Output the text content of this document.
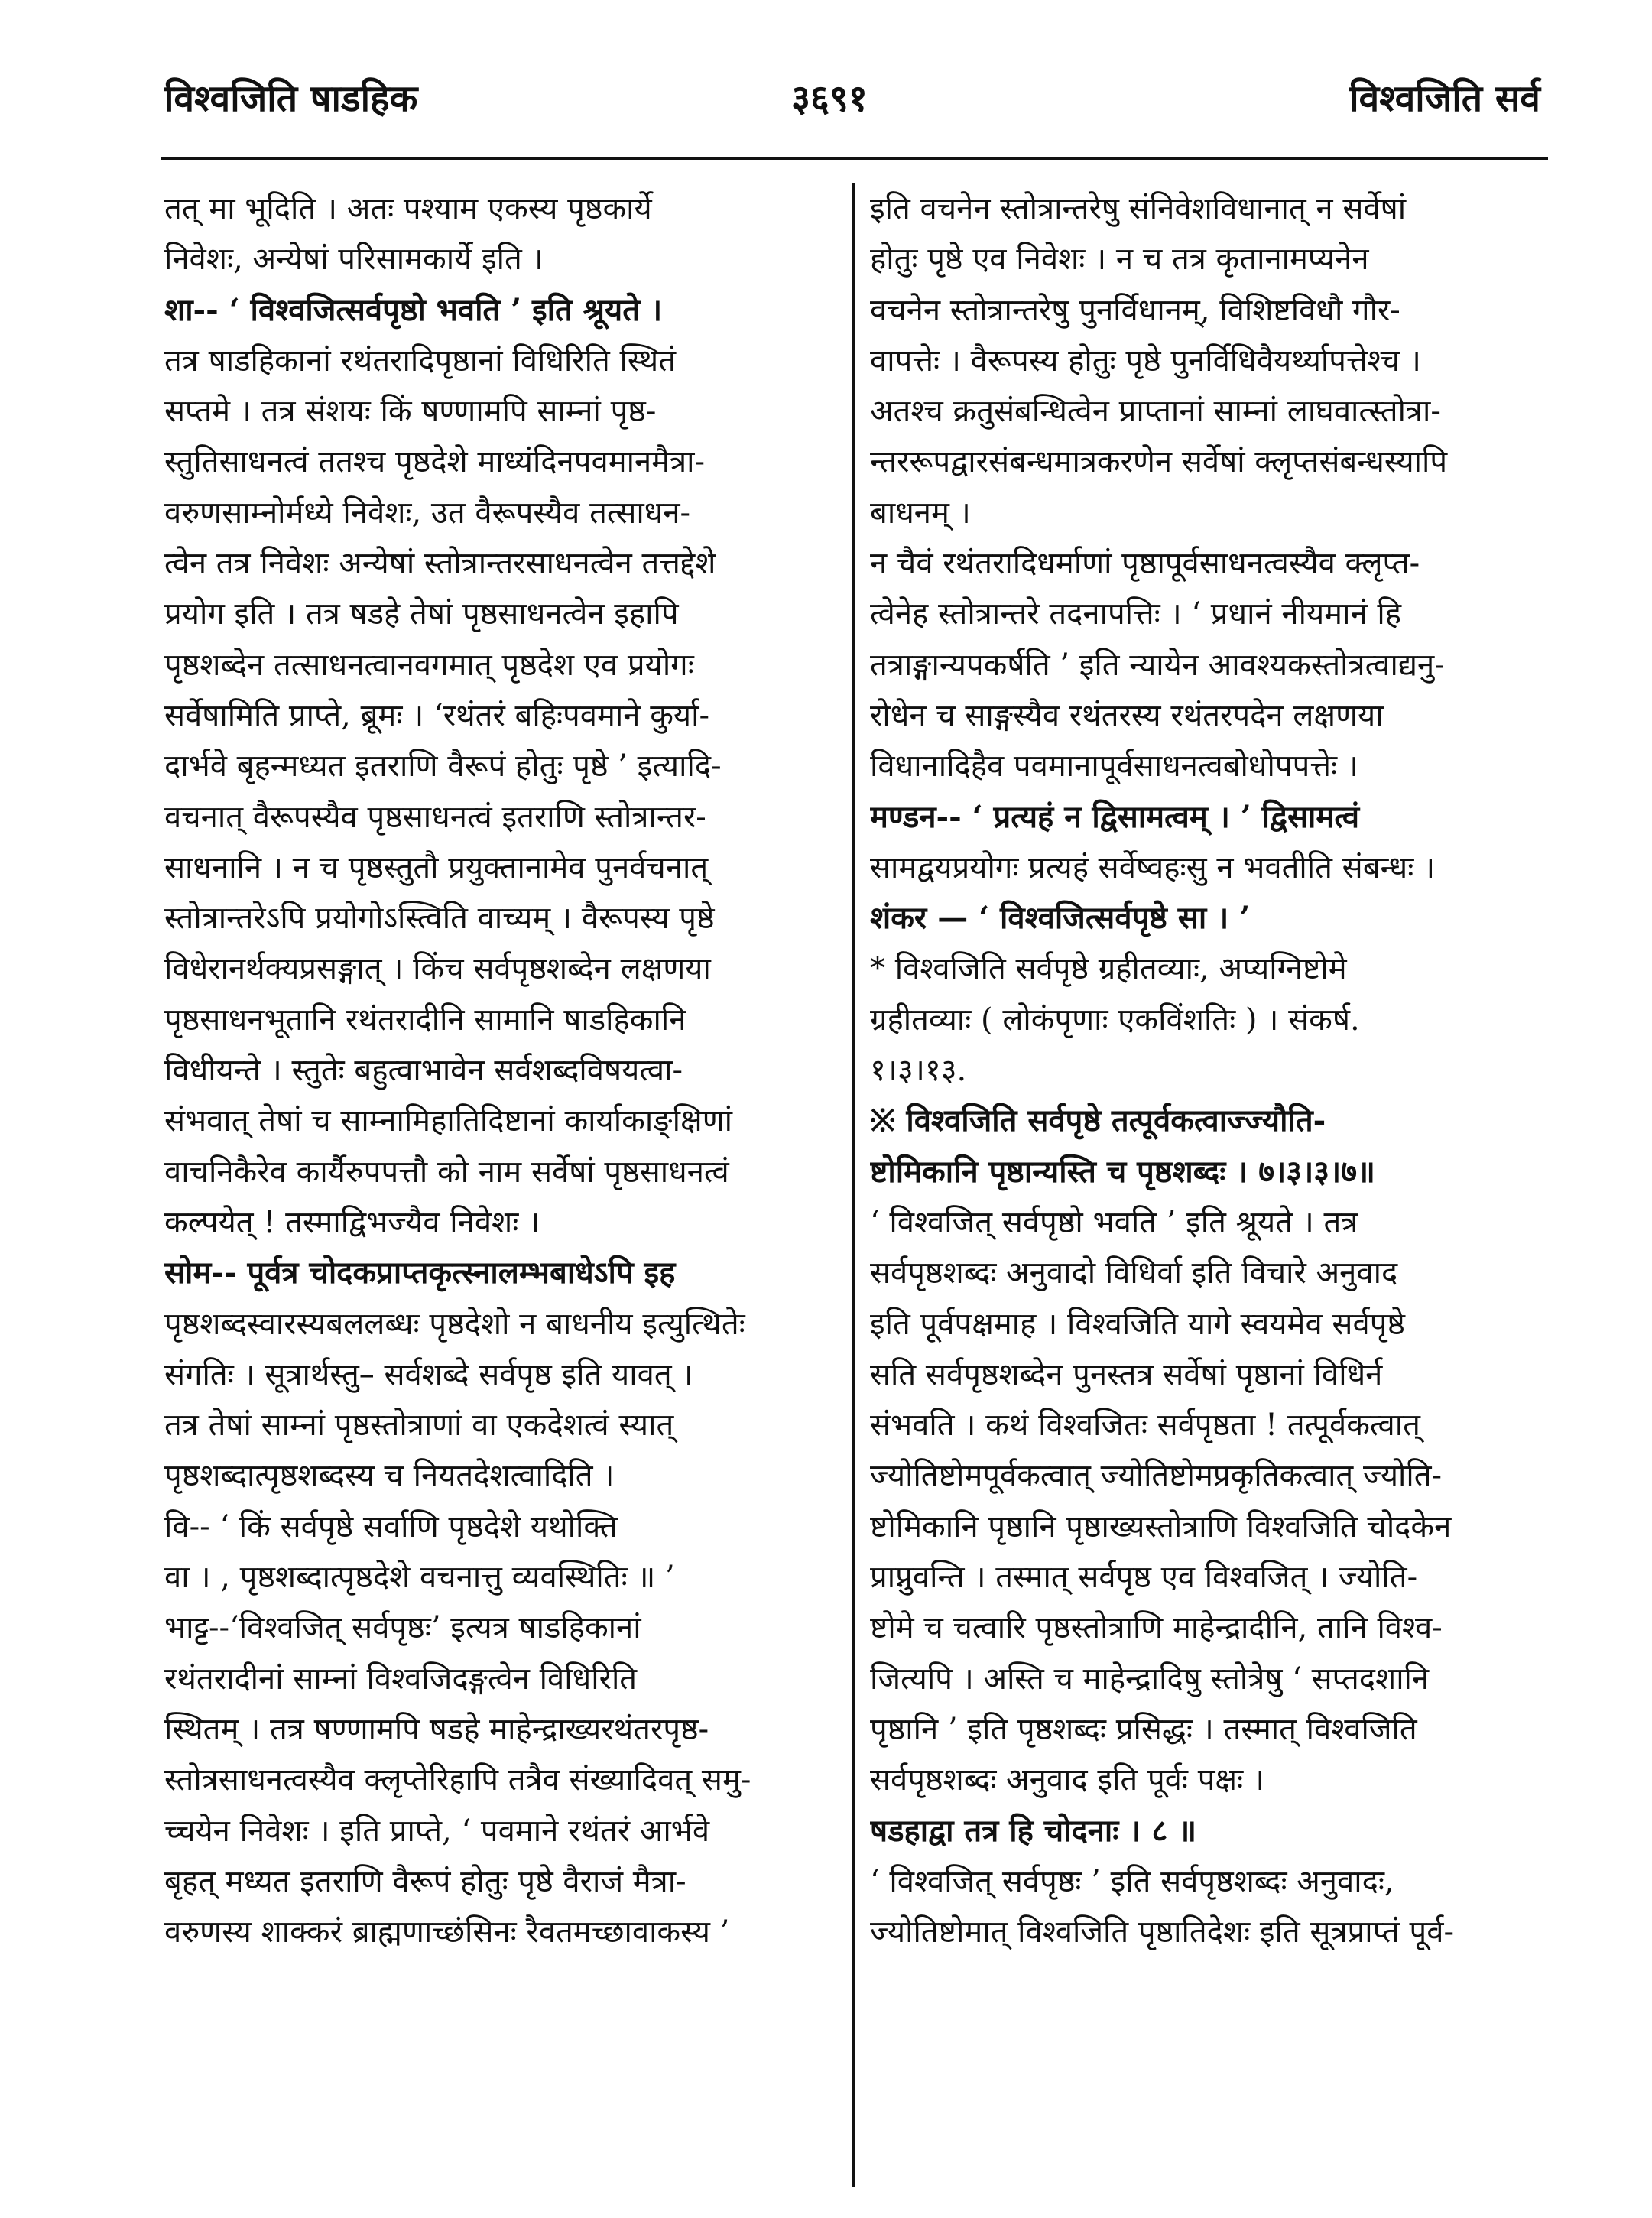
विश्वजिति षाडहिक	३६९१	विश्वजिति सर्व
तत् मा भूदिति । अतः पश्याम एकस्य पृष्ठकार्ये
निवेशः, अन्येषां परिसामकार्ये इति ।
शा-- ‘ विश्वजित्सर्वपृष्ठो भवति ’ इति श्रूयते ।
तत्र षाडहिकानां रथंतरादिपृष्ठानां विधिरिति स्थितं
सप्तमे । तत्र संशयः किं षण्णामपि साम्नां पृष्ठ-
स्तुतिसाधनत्वं ततश्च पृष्ठदेशे माध्यंदिनपवमानमैत्रा-
वरुणसाम्नोर्मध्ये निवेशः, उत वैरूपस्यैव तत्साधन-
त्वेन तत्र निवेशः अन्येषां स्तोत्रान्तरसाधनत्वेन तत्तद्देशे
प्रयोग इति । तत्र षडहे तेषां पृष्ठसाधनत्वेन इहापि
पृष्ठशब्देन तत्साधनत्वानवगमात् पृष्ठदेश एव प्रयोगः
सर्वेषामिति प्राप्ते, ब्रूमः । ‘रथंतरं बहिःपवमाने कुर्या-
दार्भवे बृहन्मध्यत इतराणि वैरूपं होतुः पृष्ठे ’ इत्यादि-
वचनात् वैरूपस्यैव पृष्ठसाधनत्वं इतराणि स्तोत्रान्तर-
साधनानि । न च पृष्ठस्तुतौ प्रयुक्तानामेव पुनर्वचनात्
स्तोत्रान्तरेऽपि प्रयोगोऽस्त्विति वाच्यम् । वैरूपस्य पृष्ठे
विधेरानर्थक्यप्रसङ्गात् । किंच सर्वपृष्ठशब्देन लक्षणया
पृष्ठसाधनभूतानि रथंतरादीनि सामानि षाडहिकानि
विधीयन्ते । स्तुतेः बहुत्वाभावेन सर्वशब्दविषयत्वा-
संभवात् तेषां च साम्नामिहातिदिष्टानां कार्याकाङ्क्षिणां
वाचनिकैरेव कार्यैरुपपत्तौ को नाम सर्वेषां पृष्ठसाधनत्वं
कल्पयेत् ! तस्माद्विभज्यैव निवेशः ।
सोम-- पूर्वत्र चोदकप्राप्तकृत्स्नालम्भबाधेऽपि इह
पृष्ठशब्दस्वारस्यबललब्धः पृष्ठदेशो न बाधनीय इत्युत्थितेः
संगतिः । सूत्रार्थस्तु– सर्वशब्दे सर्वपृष्ठ इति यावत् ।
तत्र तेषां साम्नां पृष्ठस्तोत्राणां वा एकदेशत्वं स्यात्
पृष्ठशब्दात्पृष्ठशब्दस्य च नियतदेशत्वादिति ।
वि-- ‘ किं सर्वपृष्ठे सर्वाणि पृष्ठदेशे यथोक्ति
वा । , पृष्ठशब्दात्पृष्ठदेशे वचनात्तु व्यवस्थितिः ॥ ’
भाट्ट--‘विश्वजित् सर्वपृष्ठः’ इत्यत्र षाडहिकानां
रथंतरादीनां साम्नां विश्वजिदङ्गत्वेन विधिरिति
स्थितम् । तत्र षण्णामपि षडहे माहेन्द्राख्यरथंतरपृष्ठ-
स्तोत्रसाधनत्वस्यैव क्लृप्तेरिहापि तत्रैव संख्यादिवत् समु-
च्चयेन निवेशः । इति प्राप्ते, ‘ पवमाने रथंतरं आर्भवे
बृहत् मध्यत इतराणि वैरूपं होतुः पृष्ठे वैराजं मैत्रा-
वरुणस्य शाक्करं ब्राह्मणाच्छंसिनः रैवतमच्छावाकस्य ’
इति वचनेन स्तोत्रान्तरेषु संनिवेशविधानात् न सर्वेषां
होतुः पृष्ठे एव निवेशः । न च तत्र कृतानामप्यनेन
वचनेन स्तोत्रान्तरेषु पुनर्विधानम्, विशिष्टविधौ गौर-
वापत्तेः । वैरूपस्य होतुः पृष्ठे पुनर्विधिवैयर्थ्यापत्तेश्च ।
अतश्च क्रतुसंबन्धित्वेन प्राप्तानां साम्नां लाघवात्स्तोत्रा-
न्तररूपद्वारसंबन्धमात्रकरणेन सर्वेषां क्लृप्तसंबन्धस्यापि
बाधनम् ।
न चैवं रथंतरादिधर्माणां पृष्ठापूर्वसाधनत्वस्यैव क्लृप्त-
त्वेनेह स्तोत्रान्तरे तदनापत्तिः । ‘ प्रधानं नीयमानं हि
तत्राङ्गान्यपकर्षति ’ इति न्यायेन आवश्यकस्तोत्रत्वाद्यनु-
रोधेन च साङ्गस्यैव रथंतरस्य रथंतरपदेन लक्षणया
विधानादिहैव पवमानापूर्वसाधनत्वबोधोपपत्तेः ।
मण्डन-- ‘ प्रत्यहं न द्विसामत्वम् । ’ द्विसामत्वं
सामद्वयप्रयोगः प्रत्यहं सर्वेष्वहःसु न भवतीति संबन्धः ।
शंकर — ‘ विश्वजित्सर्वपृष्ठे सा । ’
* विश्वजिति सर्वपृष्ठे ग्रहीतव्याः, अप्यग्निष्टोमे
ग्रहीतव्याः ( लोकंपृणाः एकविंशतिः ) । संकर्ष.
१।३।१३.
※ विश्वजिति सर्वपृष्ठे तत्पूर्वकत्वाज्ज्यौति-
ष्टोमिकानि पृष्ठान्यस्ति च पृष्ठशब्दः । ७।३।३।७॥
‘ विश्वजित् सर्वपृष्ठो भवति ’ इति श्रूयते । तत्र
सर्वपृष्ठशब्दः अनुवादो विधिर्वा इति विचारे अनुवाद
इति पूर्वपक्षमाह । विश्वजिति यागे स्वयमेव सर्वपृष्ठे
सति सर्वपृष्ठशब्देन पुनस्तत्र सर्वेषां पृष्ठानां विधिर्न
संभवति । कथं विश्वजितः सर्वपृष्ठता ! तत्पूर्वकत्वात्
ज्योतिष्टोमपूर्वकत्वात् ज्योतिष्टोमप्रकृतिकत्वात् ज्योति-
ष्टोमिकानि पृष्ठानि पृष्ठाख्यस्तोत्राणि विश्वजिति चोदकेन
प्राप्नुवन्ति । तस्मात् सर्वपृष्ठ एव विश्वजित् । ज्योति-
ष्टोमे च चत्वारि पृष्ठस्तोत्राणि माहेन्द्रादीनि, तानि विश्व-
जित्यपि । अस्ति च माहेन्द्रादिषु स्तोत्रेषु ‘ सप्तदशानि
पृष्ठानि ’ इति पृष्ठशब्दः प्रसिद्धः । तस्मात् विश्वजिति
सर्वपृष्ठशब्दः अनुवाद इति पूर्वः पक्षः ।
षडहाद्वा तत्र हि चोदनाः । ८ ॥
‘ विश्वजित् सर्वपृष्ठः ’ इति सर्वपृष्ठशब्दः अनुवादः,
ज्योतिष्टोमात् विश्वजिति पृष्ठातिदेशः इति सूत्रप्राप्तं पूर्व-
